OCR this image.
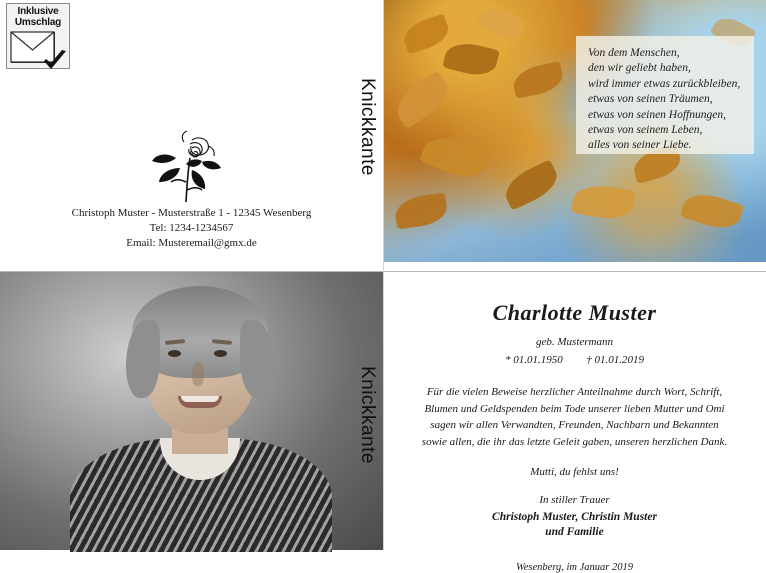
Inklusive
Umschlag
Christoph Muster - Musterstraße 1 - 12345 Wesenberg
Tel: 1234-1234567
Email: Musteremail@gmx.de
Knickkante

Von dem Menschen,

den wir geliebt haben,

wird immer etwas zurückbleiben,

etwas von seinen Träumen,

etwas von seinen Hoffnungen,

etwas von seinem Leben,

alles von seiner Liebe.

Knickkante
Charlotte Muster
geb. Mustermann
* 01.01.1950 † 01.01.2019
Für die vielen Beweise herzlicher Anteilnahme durch Wort, Schrift,
Blumen und Geldspenden beim Tode unserer lieben Mutter und Omi
sagen wir allen Verwandten, Freunden, Nachbarn und Bekannten
sowie allen, die ihr das letzte Geleit gaben, unseren herzlichen Dank.
Mutti, du fehlst uns!
In stiller Trauer
Christoph Muster, Christin Muster
und Familie
Wesenberg, im Januar 2019
